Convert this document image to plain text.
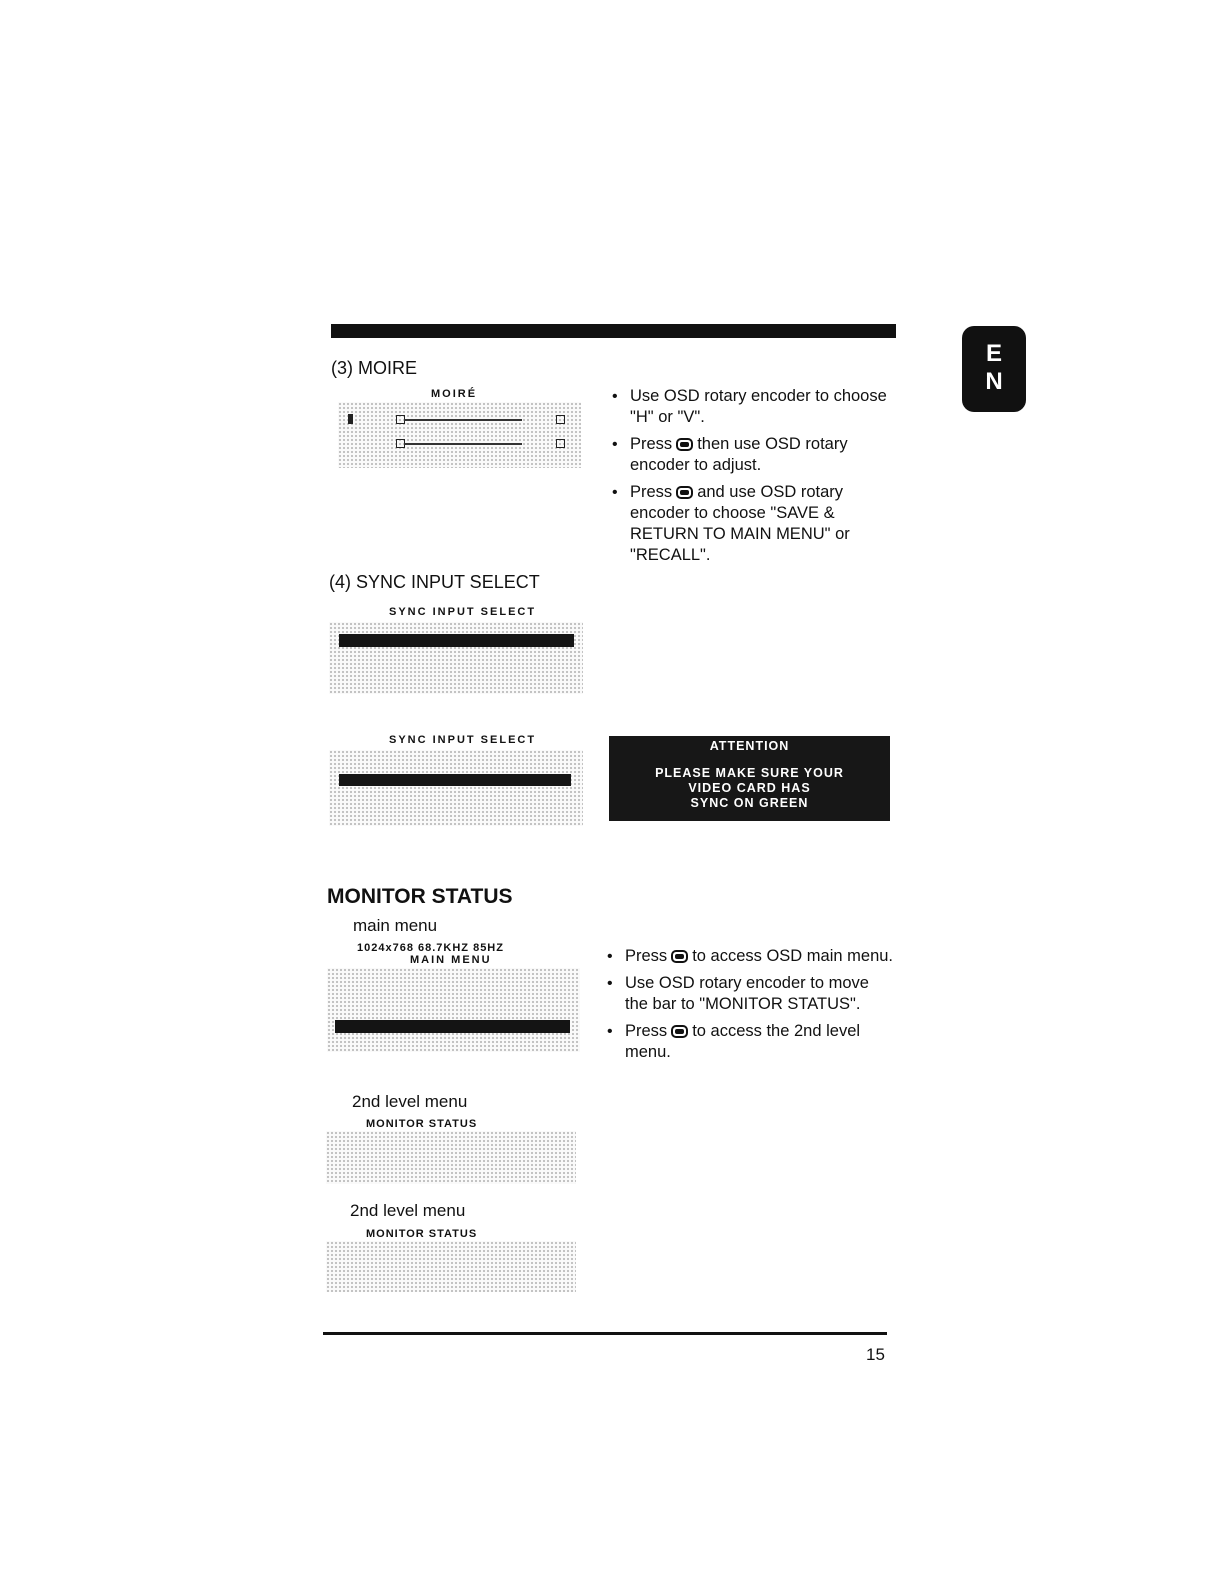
E
N
(3) MOIRE
MOIRÉ	• Use OSD rotary encoder to choose "H" or "V".
• Press then use OSD rotary encoder to adjust.
• Press and use OSD rotary encoder to choose "SAVE & RETURN TO MAIN MENU" or "RECALL".
(4) SYNC INPUT SELECT
SYNC INPUT SELECT
SYNC INPUT SELECT	ATTENTION
PLEASE MAKE SURE YOUR
VIDEO CARD HAS
SYNC ON GREEN
MONITOR STATUS
main menu
1024x768 68.7KHZ 85HZ
MAIN MENU	• Press to access OSD main menu.
• Use OSD rotary encoder to move the bar to "MONITOR STATUS".
• Press to access the 2nd level menu.
2nd level menu
MONITOR STATUS
2nd level menu
MONITOR STATUS
15
